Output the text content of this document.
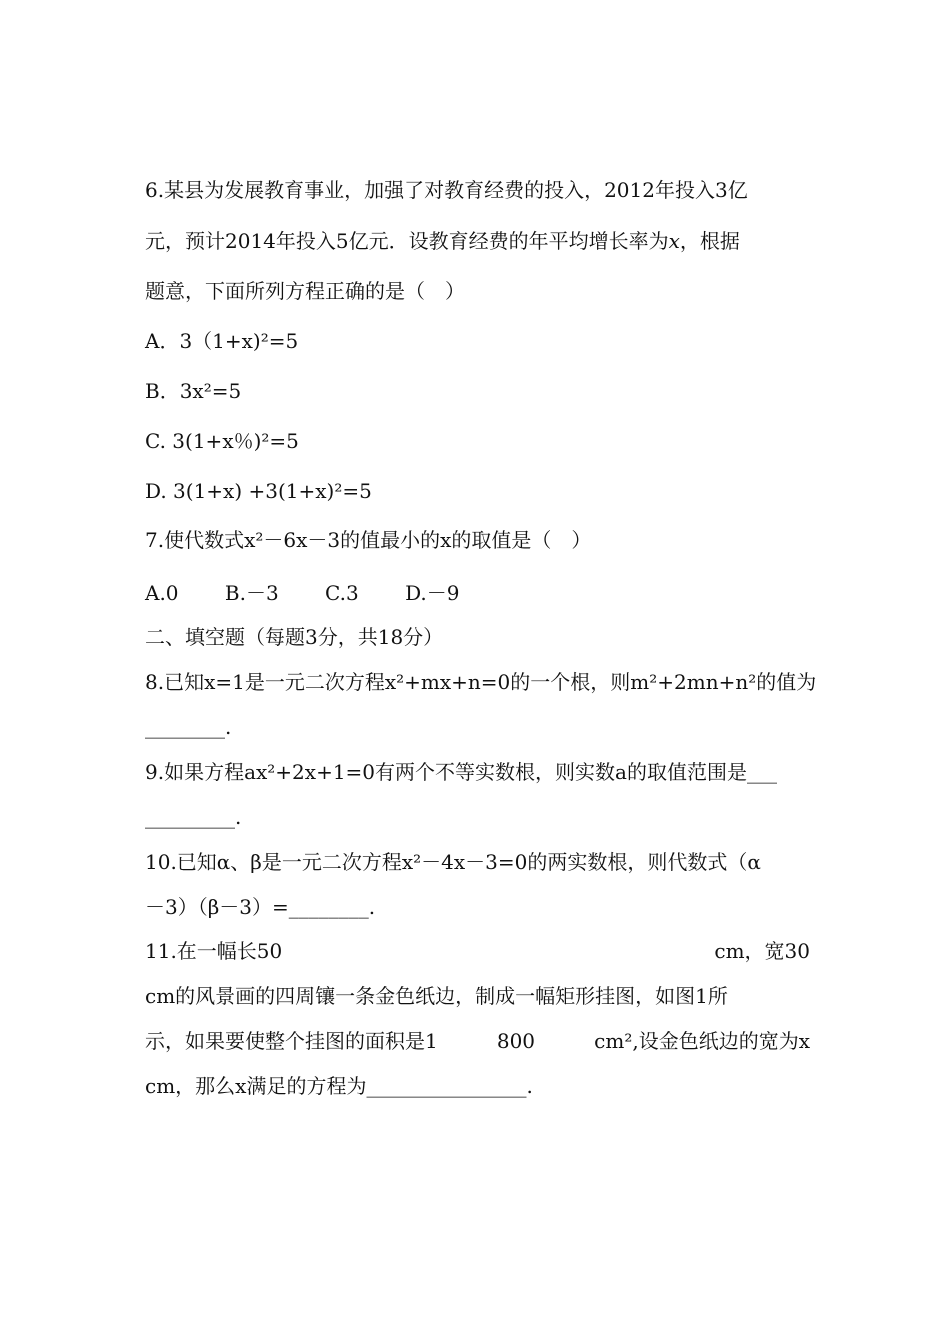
6.某县为发展教育事业，加强了对教育经费的投入，2012年投入3亿
元，预计2014年投入5亿元．设教育经费的年平均增长率为x，根据
题意，下面所列方程正确的是（　）
A．3（1+x)²=5
B．3x²=5
C. 3(1+x％)²=5
D. 3(1+x) +3(1+x)²=5
7.使代数式x²－6x－3的值最小的x的取值是（　）
A.0 B.－3 C.3 D.－9
二、填空题（每题3分，共18分）
8.已知x=1是一元二次方程x²+mx+n=0的一个根，则m²+2mn+n²的值为
________.
9.如果方程ax²+2x+1=0有两个不等实数根，则实数a的取值范围是___
_________.
10.已知α、β是一元二次方程x²－4x－3=0的两实数根，则代数式（α
－3）（β－3）=________.
11.在一幅长50	cm，宽30
cm的风景画的四周镶一条金色纸边，制成一幅矩形挂图，如图1所
示，如果要使整个挂图的面积是1	800	cm²,设金色纸边的宽为x
cm，那么x满足的方程为________________.
